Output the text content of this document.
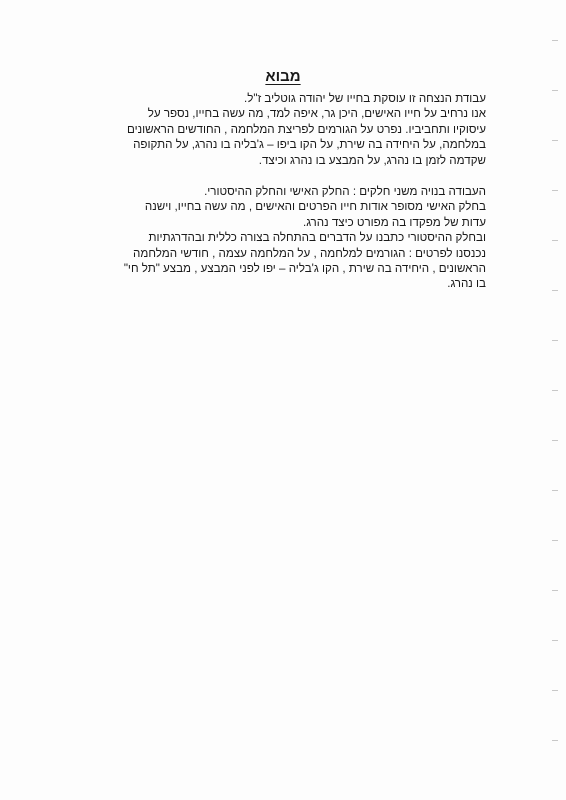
מבוא
עבודת הנצחה זו עוסקת בחייו של יהודה גוטליב ז"ל.
אנו נרחיב על חייו האישים, היכן גר, איפה למד, מה עשה בחייו, נספר על
עיסוקיו ותחביביו. נפרט על הגורמים לפריצת המלחמה , החודשים הראשונים
במלחמה, על היחידה בה שירת, על הקו ביפו – ג'בליה בו נהרג, על התקופה
שקדמה לזמן בו נהרג, על המבצע בו נהרג וכיצד.
העבודה בנויה משני חלקים : החלק האישי והחלק ההיסטורי.
בחלק האישי מסופר אודות חייו הפרטים והאישים , מה עשה בחייו, וישנה
עדות של מפקדו בה מפורט כיצד נהרג.
ובחלק ההיסטורי כתבנו על הדברים בהתחלה בצורה כללית ובהדרגתיות
נכנסנו לפרטים : הגורמים למלחמה , על המלחמה עצמה , חודשי המלחמה
הראשונים , היחידה בה שירת , הקו ג'בליה – יפו לפני המבצע , מבצע "תל חי"
בו נהרג.
